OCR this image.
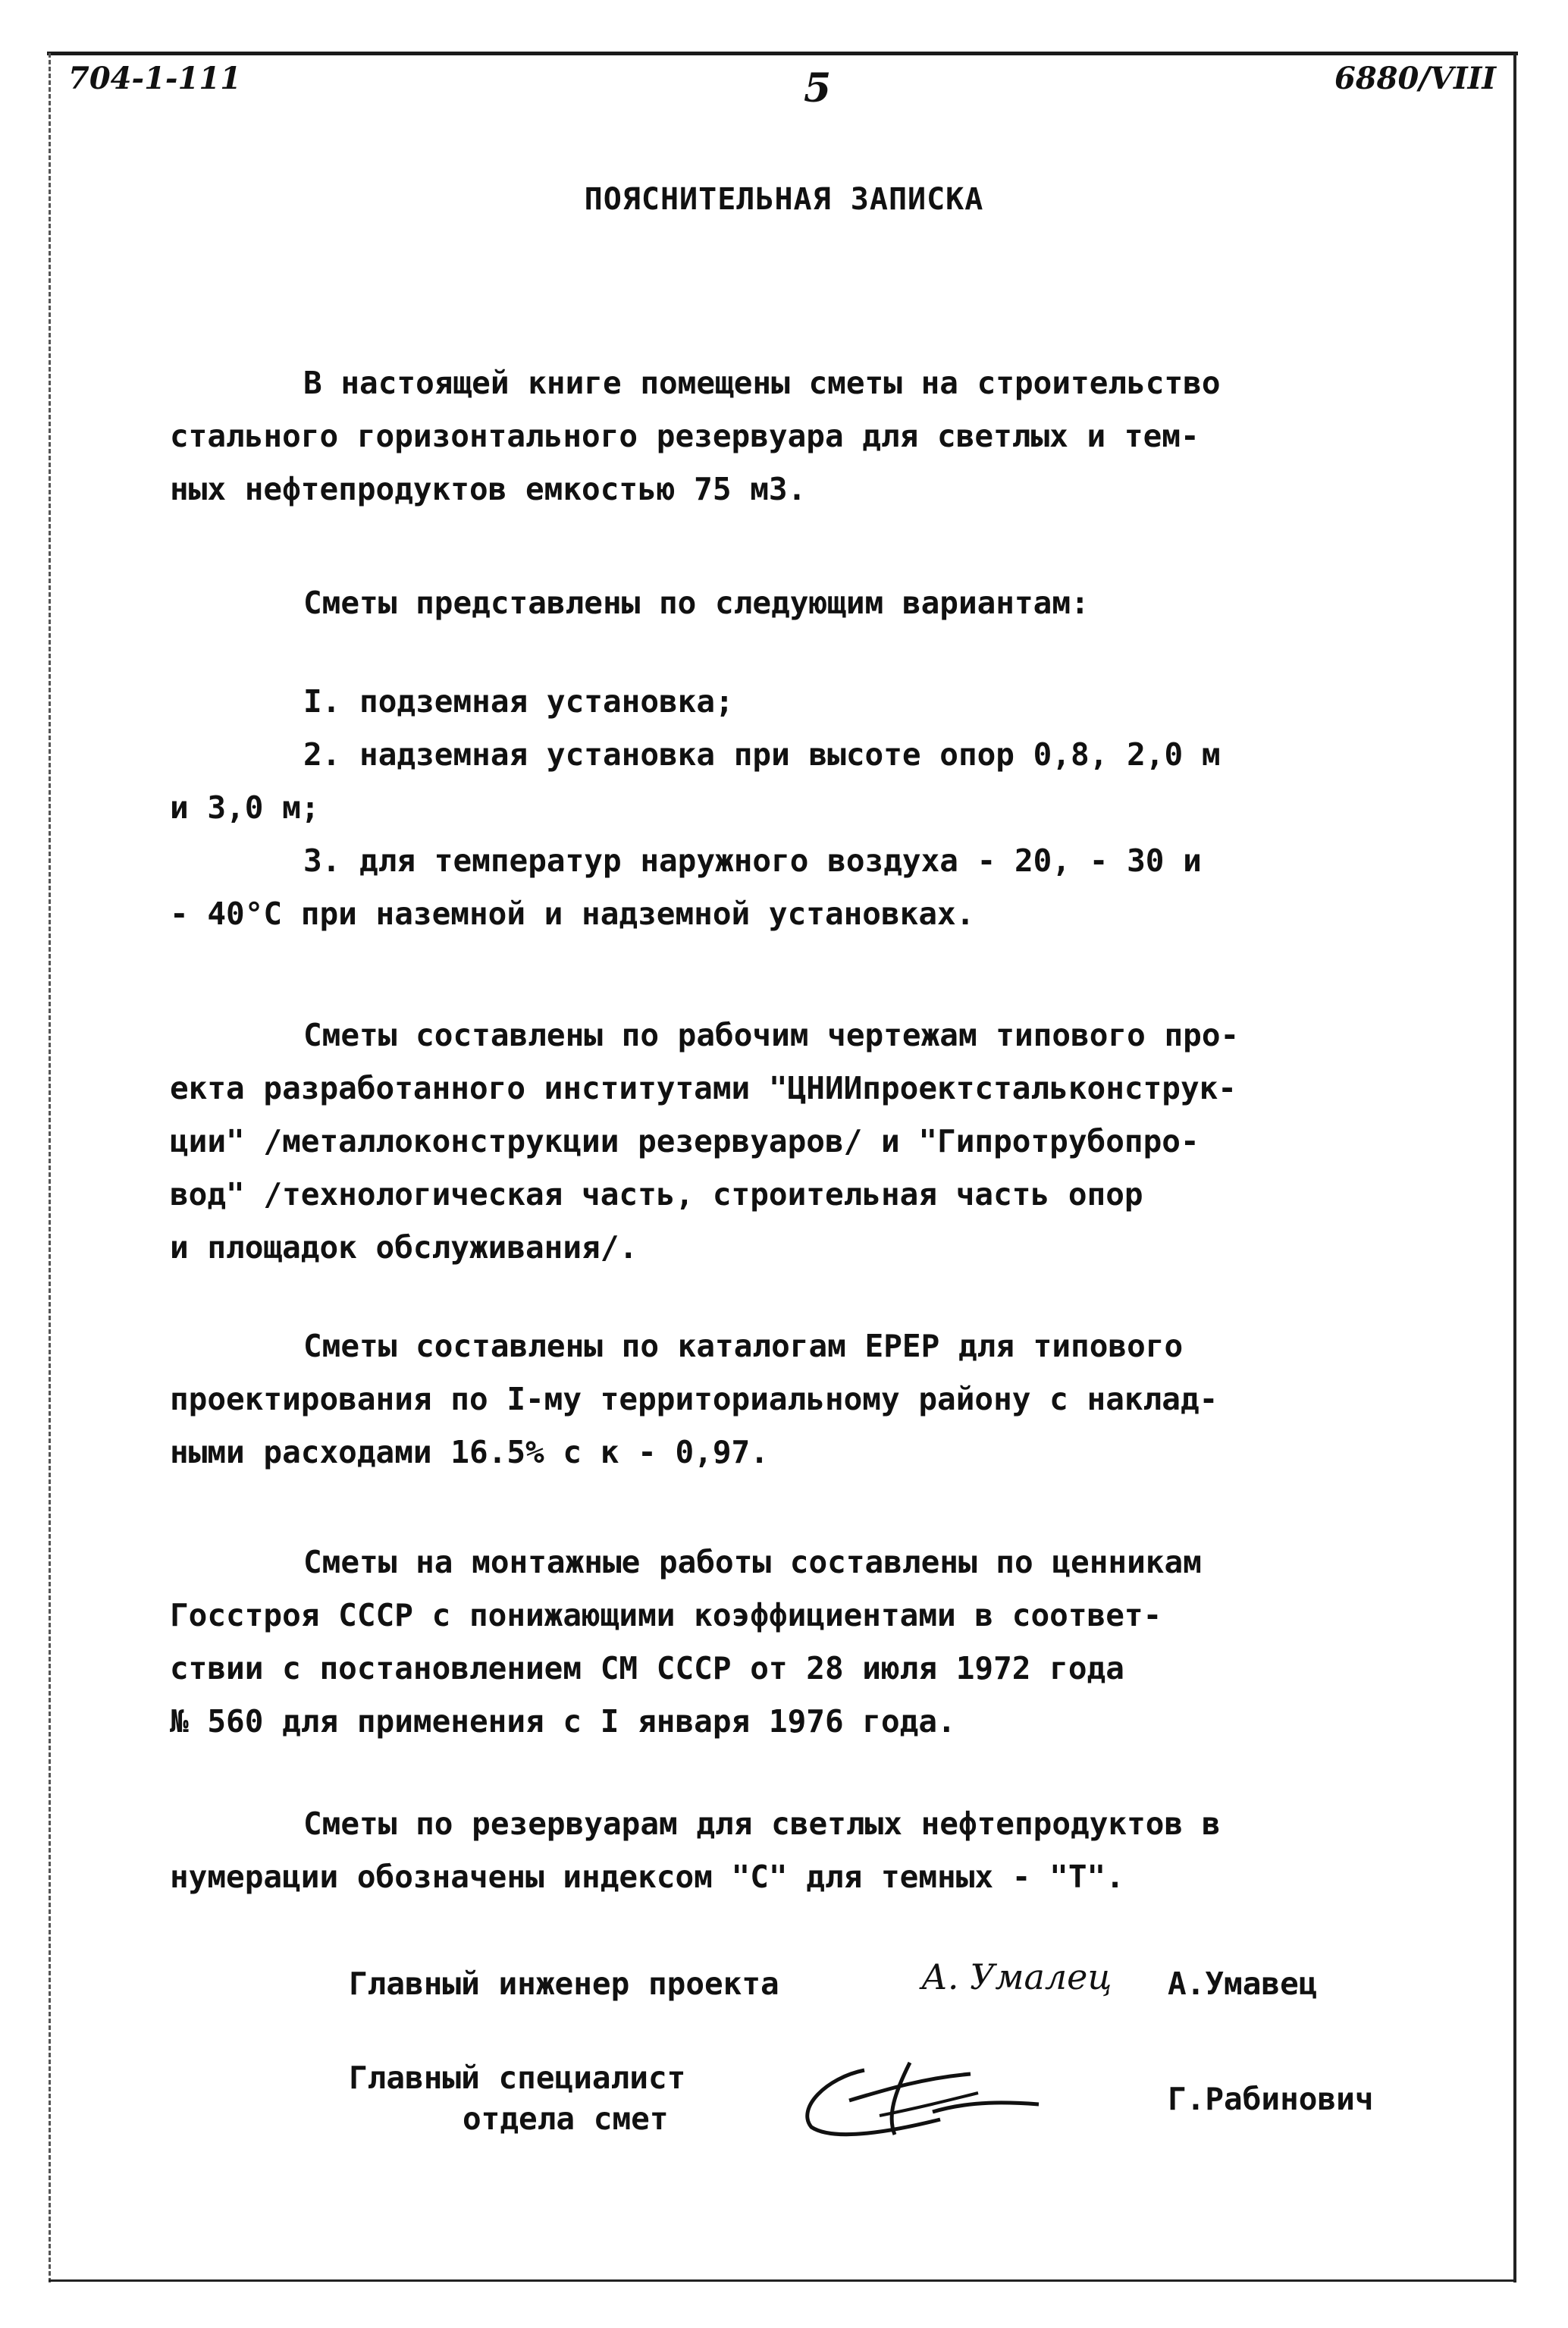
704-1-111	5	6880/VIII
ПОЯСНИТЕЛЬНАЯ ЗАПИСКА
В настоящей книге помещены сметы на строительство
стального горизонтального резервуара для светлых и тем-
ных нефтепродуктов емкостью 75 м3.
Сметы представлены по следующим вариантам:
I. подземная установка;
2. надземная установка при высоте опор 0,8, 2,0 м
и 3,0 м;
3. для температур наружного воздуха - 20, - 30 и
- 40°С при наземной и надземной установках.
Сметы составлены по рабочим чертежам типового про-
екта разработанного институтами "ЦНИИпроектстальконструк-
ции" /металлоконструкции резервуаров/ и "Гипротрубопро-
вод" /технологическая часть, строительная часть опор
и площадок обслуживания/.
Сметы составлены по каталогам ЕРЕР для типового
проектирования по I-му территориальному району с наклад-
ными расходами 16.5% с к - 0,97.
Сметы на монтажные работы составлены по ценникам
Госстроя СССР с понижающими коэффициентами в соответ-
ствии с постановлением СМ СССР от 28 июля 1972 года
№ 560 для применения с I января 1976 года.
Сметы по резервуарам для светлых нефтепродуктов в
нумерации обозначены индексом "С" для темных - "Т".
Главный инженер проекта	А. Умалец А.Умавец
Главный специалист
отдела смет
Г.Рабинович
